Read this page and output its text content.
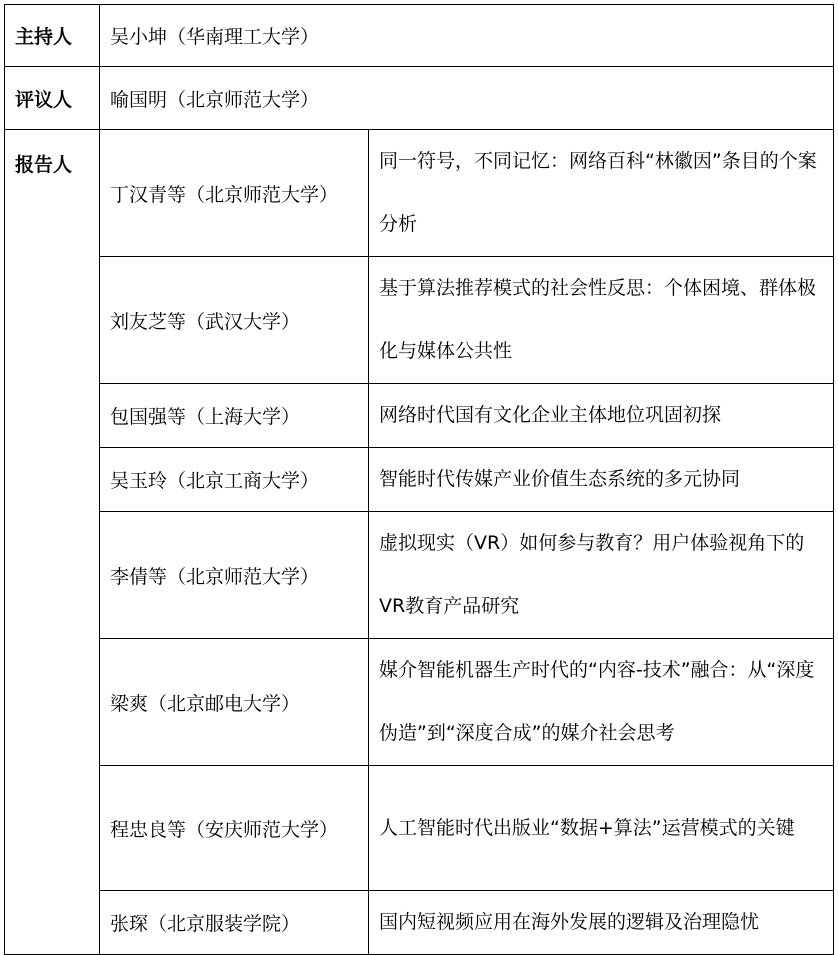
主持人	吴小坤（华南理工大学）	
评议人	喻国明（北京师范大学）	
报告人	丁汉青等（北京师范大学）	同一符号，不同记忆：网络百科“林徽因”条目的个案分析
	刘友芝等（武汉大学）	基于算法推荐模式的社会性反思：个体困境、群体极化与媒体公共性
	包国强等（上海大学）	网络时代国有文化企业主体地位巩固初探
	吴玉玲（北京工商大学）	智能时代传媒产业价值生态系统的多元协同
	李倩等（北京师范大学）	虚拟现实（VR）如何参与教育？用户体验视角下的VR教育产品研究
	梁爽（北京邮电大学）	媒介智能机器生产时代的“内容-技术”融合：从“深度伪造”到“深度合成”的媒介社会思考
	程忠良等（安庆师范大学）	人工智能时代出版业“数据+算法”运营模式的关键
	张琛（北京服装学院）	国内短视频应用在海外发展的逻辑及治理隐忧
